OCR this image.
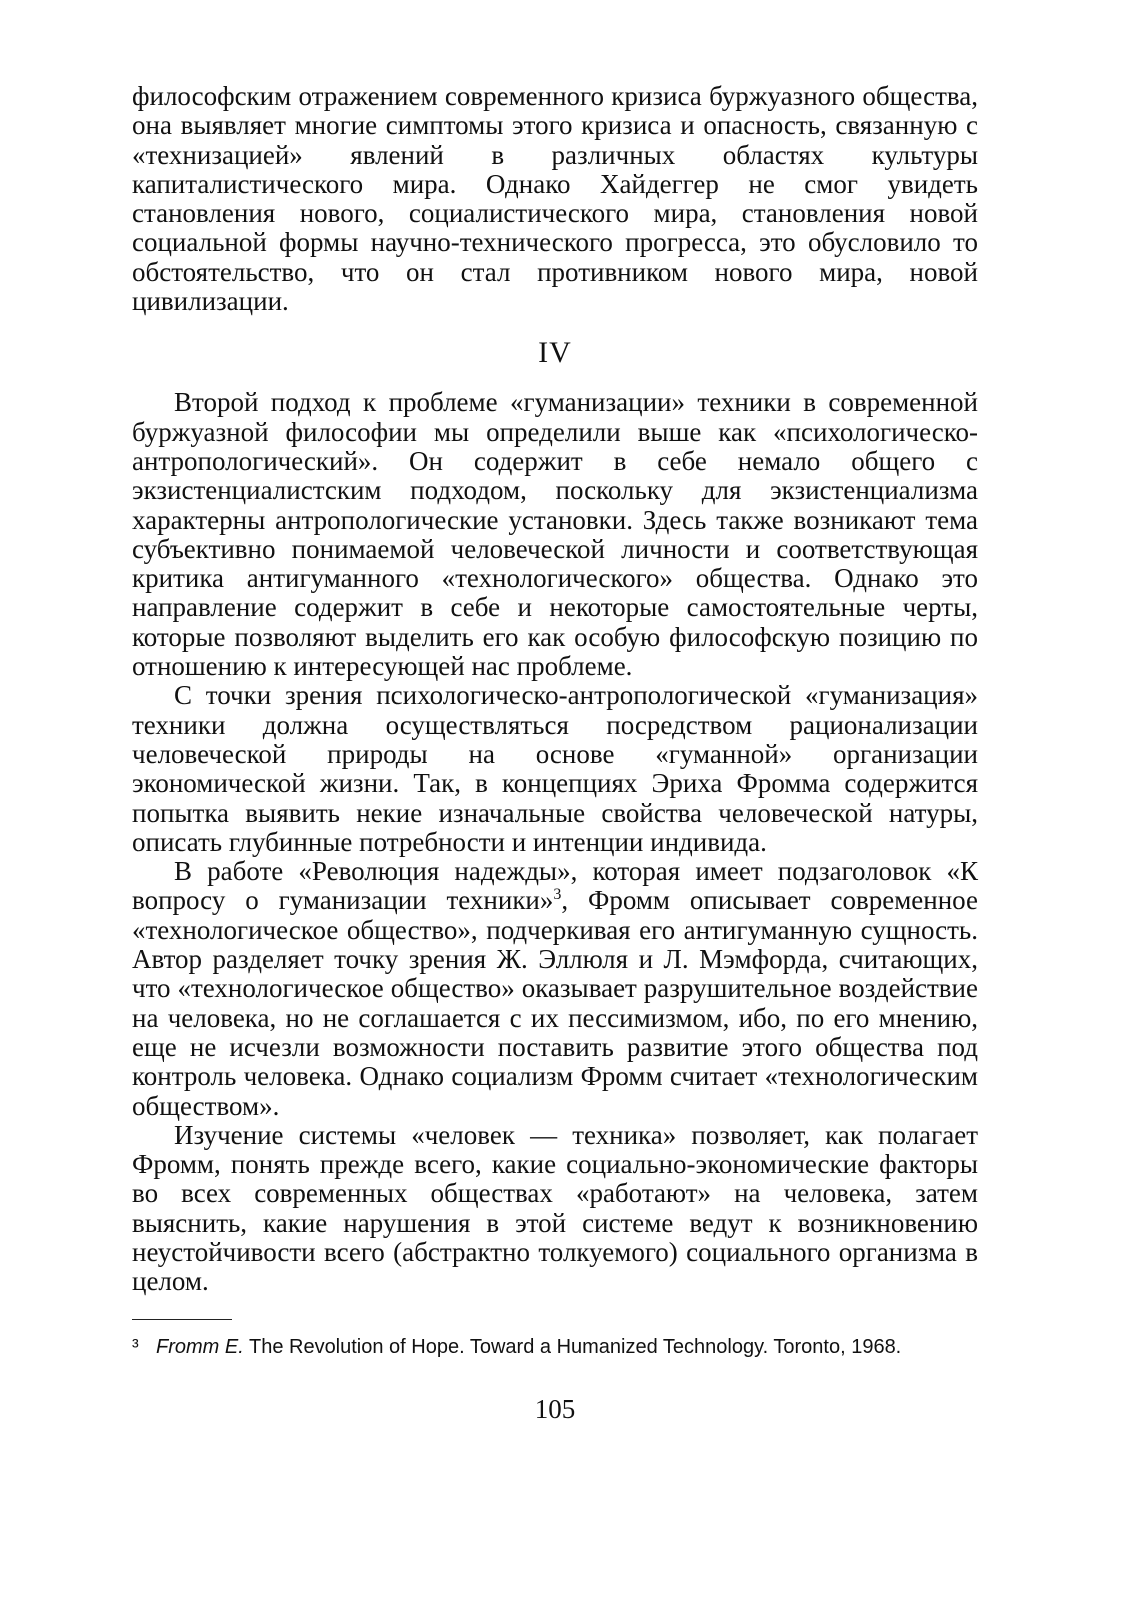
философским отражением современного кризиса буржуазного общества, она выявляет многие симптомы этого кризиса и опасность, связанную с «технизацией» явлений в различных областях культуры капиталистического мира. Однако Хайдеггер не смог увидеть становления нового, социалистического мира, становления новой социальной формы научно-технического прогресса, это обусловило то обстоятельство, что он стал противником нового мира, новой цивилизации.

IV

Второй подход к проблеме «гуманизации» техники в современной буржуазной философии мы определили выше как «психологическо-антропологический». Он содержит в себе немало общего с экзистенциалистским подходом, поскольку для экзистенциализма характерны антропологические установки. Здесь также возникают тема субъективно понимаемой человеческой личности и соответствующая критика антигуманного «технологического» общества. Однако это направление содержит в себе и некоторые самостоятельные черты, которые позволяют выделить его как особую философскую позицию по отношению к интересующей нас проблеме.

С точки зрения психологическо-антропологической «гуманизация» техники должна осуществляться посредством рационализации человеческой природы на основе «гуманной» организации экономической жизни. Так, в концепциях Эриха Фромма содержится попытка выявить некие изначальные свойства человеческой натуры, описать глубинные потребности и интенции индивида.

В работе «Революция надежды», которая имеет подзаголовок «К вопросу о гуманизации техники»$^3$, Фромм описывает современное «технологическое общество», подчеркивая его антигуманную сущность. Автор разделяет точку зрения Ж. Эллюля и Л. Мэмфорда, считающих, что «технологическое общество» оказывает разрушительное воздействие на человека, но не соглашается с их пессимизмом, ибо, по его мнению, еще не исчезли возможности поставить развитие этого общества под контроль человека. Однако социализм Фромм считает «технологическим обществом».

Изучение системы «человек — техника» позволяет, как полагает Фромм, понять прежде всего, какие социально-экономические факторы во всех современных обществах «работают» на человека, затем выяснить, какие нарушения в этой системе ведут к возникновению неустойчивости всего (абстрактно толкуемого) социального организма в целом.

³ Fromm E. The Revolution of Hope. Toward a Humanized Technology. Toronto, 1968.

105
